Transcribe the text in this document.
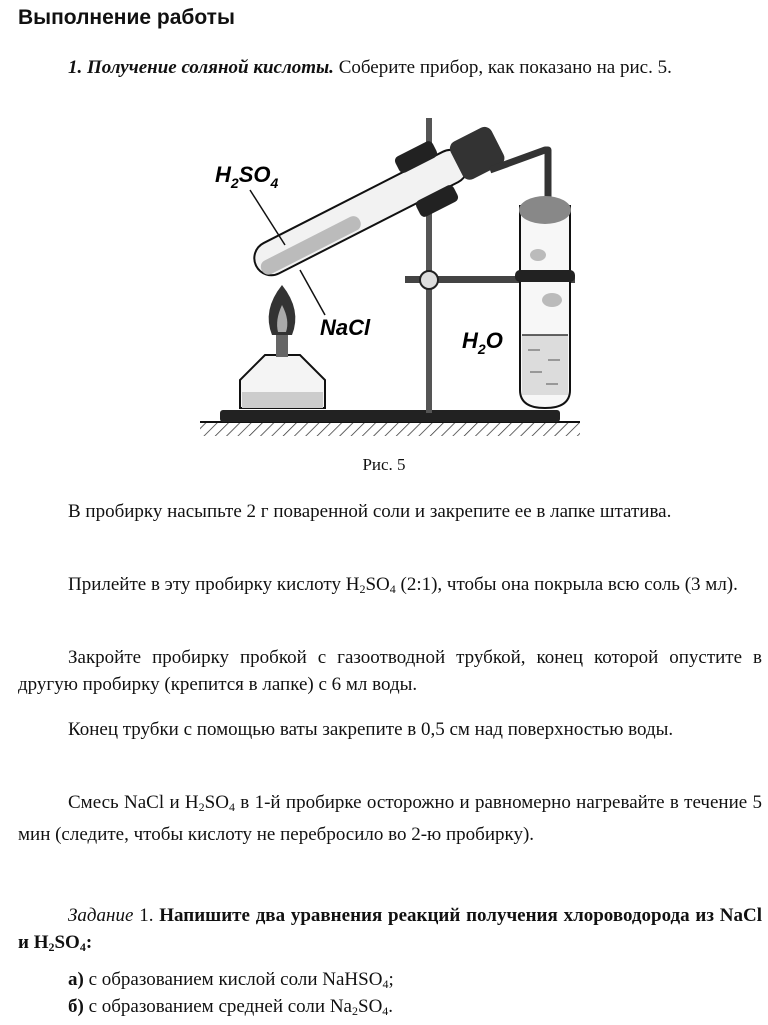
Выполнение работы
1. Получение соляной кислоты. Соберите прибор, как показано на рис. 5.
H2SO4
NaCl
H2O
Рис. 5
В пробирку насыпьте 2 г поваренной соли и закрепите ее в лапке штатива.
Прилейте в эту пробирку кислоту $H_2SO_4$ (2:1), чтобы она покрыла всю соль (3 мл).
Закройте пробирку пробкой с газоотводной трубкой, конец которой опустите в другую пробирку (крепится в лапке) с 6 мл воды.
Конец трубки с помощью ваты закрепите в 0,5 см над поверхностью воды.
Смесь NaCl и $H_2SO_4$ в 1-й пробирке осторожно и равномерно нагревайте в течение 5 мин (следите, чтобы кислоту не перебросило во 2-ю пробирку).
Задание 1. Напишите два уравнения реакций получения хлороводорода из NaCl и $H_2SO_4$:
а) с образованием кислой соли NaHSO$_4$;
б) с образованием средней соли $Na_2SO_4$.
